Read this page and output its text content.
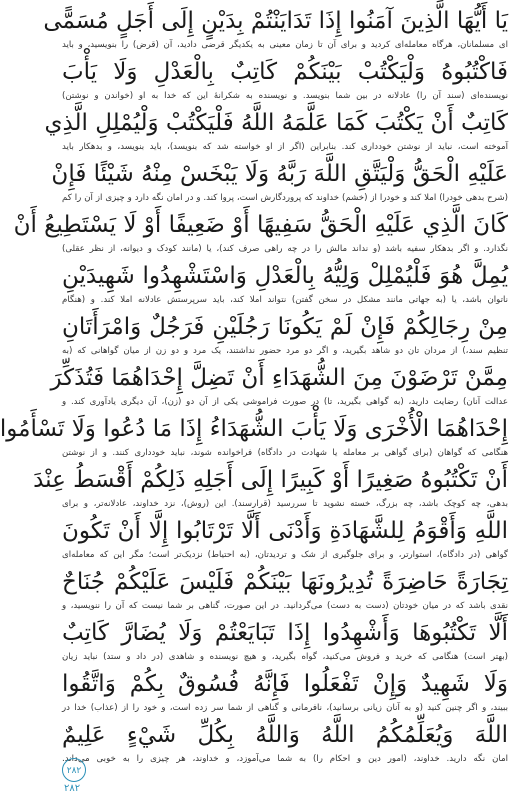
يَا أَيُّهَا الَّذِينَ آمَنُوا إِذَا تَدَايَنْتُمْ بِدَيْنٍ إِلَى أَجَلٍ مُسَمًّى
ای مسلمانان، هرگاه معامله‌ای کردید و برای آن تا زمان معینی به یکدیگر قرضی دادید، آن (قرض) را بنویسید، و باید
فَاكْتُبُوهُ وَلْيَكْتُبْ بَيْنَكُمْ كَاتِبٌ بِالْعَدْلِ وَلَا يَأْبَ
نویسنده‌ای (سند آن را) عادلانه در بین شما بنویسد. و نویسنده به شکرانهٔ این که خدا به او (خواندن و نوشتن)
كَاتِبٌ أَنْ يَكْتُبَ كَمَا عَلَّمَهُ اللَّهُ فَلْيَكْتُبْ وَلْيُمْلِلِ الَّذِي
آموخته است، نباید از نوشتن خودداری کند. بنابراین (اگر از او خواسته شد که بنویسد)، باید بنویسد، و بدهکار باید
عَلَيْهِ الْحَقُّ وَلْيَتَّقِ اللَّهَ رَبَّهُ وَلَا يَبْخَسْ مِنْهُ شَيْئًا فَإِنْ
(شرح بدهی خودرا) املا کند و خودرا از (خشم) خداوند که پروردگارش است، پروا کند. و در امان نگه دارد و چیزی از آن را کم
كَانَ الَّذِي عَلَيْهِ الْحَقُّ سَفِيهًا أَوْ ضَعِيفًا أَوْ لَا يَسْتَطِيعُ أَنْ
نگذارد. و اگر بدهکار سفیه باشد (و نداند مالش را در چه راهی صرف کند)، یا (مانند کودک و دیوانه، از نظر عقلی)
يُمِلَّ هُوَ فَلْيُمْلِلْ وَلِيُّهُ بِالْعَدْلِ وَاسْتَشْهِدُوا شَهِيدَيْنِ
ناتوان باشد، یا (به جهاتی مانند مشکل در سخن گفتن) نتواند املا کند، باید سرپرستش عادلانه املا کند. و (هنگام
مِنْ رِجَالِكُمْ فَإِنْ لَمْ يَكُونَا رَجُلَيْنِ فَرَجُلٌ وَامْرَأَتَانِ
تنظیم سند،) از مردان تان دو شاهد بگیرید، و اگر دو مرد حضور نداشتند، یک مرد و دو زن از میان گواهانی که (به
مِمَّنْ تَرْضَوْنَ مِنَ الشُّهَدَاءِ أَنْ تَضِلَّ إِحْدَاهُمَا فَتُذَكِّرَ
عدالت آنان) رضایت دارید، (به گواهی بگیرید، تا) در صورت فراموشی یکی از آن دو (زن)، آن دیگری یادآوری کند. و
إِحْدَاهُمَا الْأُخْرَى وَلَا يَأْبَ الشُّهَدَاءُ إِذَا مَا دُعُوا وَلَا تَسْأَمُوا
هنگامی که گواهان (برای گواهی بر معامله یا شهادت در دادگاه) فراخوانده شوند، نباید خودداری کنند. و از نوشتن
أَنْ تَكْتُبُوهُ صَغِيرًا أَوْ كَبِيرًا إِلَى أَجَلِهِ ذَلِكُمْ أَقْسَطُ عِنْدَ
بدهی، چه کوچک باشد، چه بزرگ، خسته نشوید تا سررسید (قرارسند). این (روش)، نزد خداوند، عادلانه‌تر، و برای
اللَّهِ وَأَقْوَمُ لِلشَّهَادَةِ وَأَدْنَى أَلَّا تَرْتَابُوا إِلَّا أَنْ تَكُونَ
گواهی (در دادگاه)، استوارتر، و برای جلوگیری از شک و تردیدتان، (به احتیاط) نزدیک‌تر است؛ مگر این که معامله‌ای
تِجَارَةً حَاضِرَةً تُدِيرُونَهَا بَيْنَكُمْ فَلَيْسَ عَلَيْكُمْ جُنَاحٌ
نقدی باشد که در میان خودتان (دست به دست) می‌گردانید. در این صورت، گناهی بر شما نیست که آن را ننویسید، و
أَلَّا تَكْتُبُوهَا وَأَشْهِدُوا إِذَا تَبَايَعْتُمْ وَلَا يُضَارَّ كَاتِبٌ
(بهتر است) هنگامی که خرید و فروش می‌کنید، گواه بگیرید، و هیچ نویسنده و شاهدی (در داد و ستد) نباید زیان
وَلَا شَهِيدٌ وَإِنْ تَفْعَلُوا فَإِنَّهُ فُسُوقٌ بِكُمْ وَاتَّقُوا
ببیند، و اگر چنین کنید (و به آنان زیانی برسانید)، نافرمانی و گناهی از شما سر زده است، و خود را از (عذاب) خدا در
اللَّهَ وَيُعَلِّمُكُمُ اللَّهُ وَاللَّهُ بِكُلِّ شَيْءٍ عَلِيمٌ
امان نگه دارید. خداوند، (امور دین و احکام را) به شما می‌آموزد، و خداوند، هر چیزی را به خوبی می‌داند.
۲۸۲
۲۸۲
